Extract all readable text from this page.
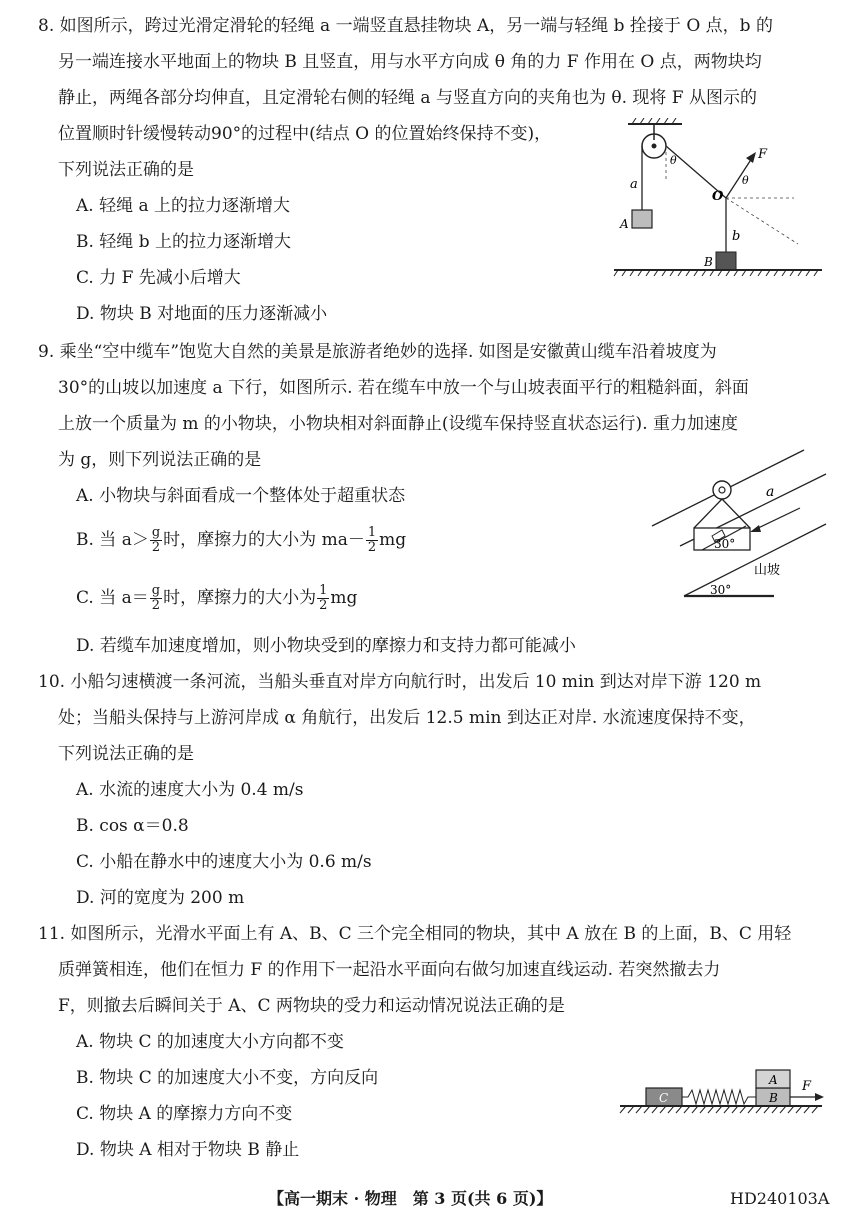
8. 如图所示，跨过光滑定滑轮的轻绳 a 一端竖直悬挂物块 A，另一端与轻绳 b 拴接于 O 点，b 的
另一端连接水平地面上的物块 B 且竖直，用与水平方向成 θ 角的力 F 作用在 O 点，两物块均
静止，两绳各部分均伸直，且定滑轮右侧的轻绳 a 与竖直方向的夹角也为 θ. 现将 F 从图示的
位置顺时针缓慢转动90°的过程中(结点 O 的位置始终保持不变)，
下列说法正确的是
A. 轻绳 a 上的拉力逐渐增大
B. 轻绳 b 上的拉力逐渐增大
C. 力 F 先减小后增大
D. 物块 B 对地面的压力逐渐减小
a
A
θ
O
F
θ
b
B
9. 乘坐“空中缆车”饱览大自然的美景是旅游者绝妙的选择. 如图是安徽黄山缆车沿着坡度为
30°的山坡以加速度 a 下行，如图所示. 若在缆车中放一个与山坡表面平行的粗糙斜面，斜面
上放一个质量为 m 的小物块，小物块相对斜面静止(设缆车保持竖直状态运行). 重力加速度
为 g，则下列说法正确的是
A. 小物块与斜面看成一个整体处于超重状态
B. 当 $a> \frac{g}{2}$ 时，摩擦力的大小为 $ma- \frac{1}{2}$ mg
C. 当 $a= \frac{g}{2}$ 时，摩擦力的大小为 $\frac{1}{2}$ mg
D. 若缆车加速度增加，则小物块受到的摩擦力和支持力都可能减小
a
30°
30°
山坡
10. 小船匀速横渡一条河流，当船头垂直对岸方向航行时，出发后 10 min 到达对岸下游 120 m
处；当船头保持与上游河岸成 α 角航行，出发后 12.5 min 到达正对岸. 水流速度保持不变，
下列说法正确的是
A. 水流的速度大小为 0.4 m/s
B. cos α＝0.8
C. 小船在静水中的速度大小为 0.6 m/s
D. 河的宽度为 200 m
11. 如图所示，光滑水平面上有 A、B、C 三个完全相同的物块，其中 A 放在 B 的上面，B、C 用轻
质弹簧相连，他们在恒力 F 的作用下一起沿水平面向右做匀加速直线运动. 若突然撤去力
F，则撤去后瞬间关于 A、C 两物块的受力和运动情况说法正确的是
A. 物块 C 的加速度大小方向都不变
B. 物块 C 的加速度大小不变，方向反向
C. 物块 A 的摩擦力方向不变
D. 物块 A 相对于物块 B 静止
C	B
A F
【高一期末 · 物理　第 3 页(共 6 页)】	HD240103A
